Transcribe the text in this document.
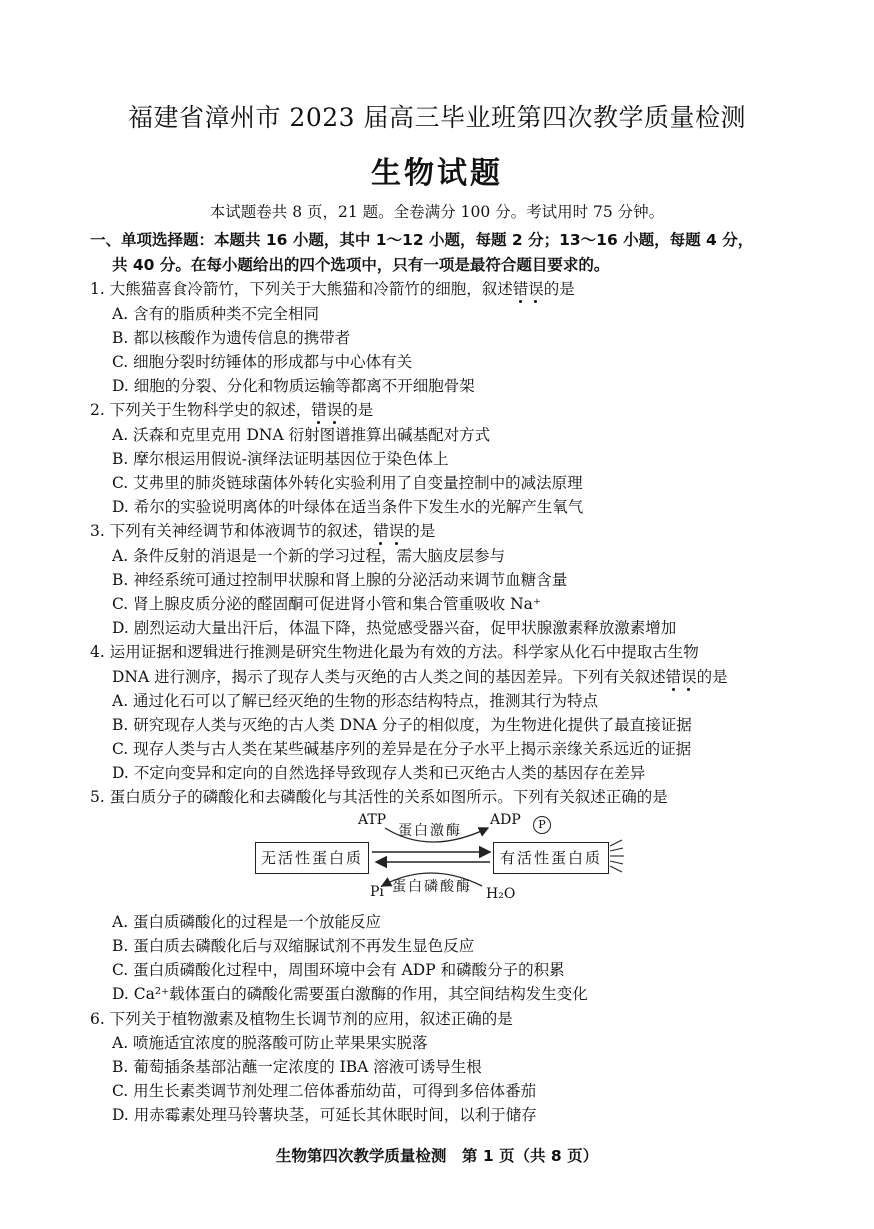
福建省漳州市 2023 届高三毕业班第四次教学质量检测
生物试题
本试题卷共 8 页，21 题。全卷满分 100 分。考试用时 75 分钟。
一、单项选择题：本题共 16 小题，其中 1～12 小题，每题 2 分；13～16 小题，每题 4 分，
共 40 分。在每小题给出的四个选项中，只有一项是最符合题目要求的。
1. 大熊猫喜食冷箭竹，下列关于大熊猫和冷箭竹的细胞，叙述错误的是
A. 含有的脂质种类不完全相同
B. 都以核酸作为遗传信息的携带者
C. 细胞分裂时纺锤体的形成都与中心体有关
D. 细胞的分裂、分化和物质运输等都离不开细胞骨架
2. 下列关于生物科学史的叙述，错误的是
A. 沃森和克里克用 DNA 衍射图谱推算出碱基配对方式
B. 摩尔根运用假说-演绎法证明基因位于染色体上
C. 艾弗里的肺炎链球菌体外转化实验利用了自变量控制中的减法原理
D. 希尔的实验说明离体的叶绿体在适当条件下发生水的光解产生氧气
3. 下列有关神经调节和体液调节的叙述，错误的是
A. 条件反射的消退是一个新的学习过程，需大脑皮层参与
B. 神经系统可通过控制甲状腺和肾上腺的分泌活动来调节血糖含量
C. 肾上腺皮质分泌的醛固酮可促进肾小管和集合管重吸收 Na⁺
D. 剧烈运动大量出汗后，体温下降，热觉感受器兴奋，促甲状腺激素释放激素增加
4. 运用证据和逻辑进行推测是研究生物进化最为有效的方法。科学家从化石中提取古生物
DNA 进行测序，揭示了现存人类与灭绝的古人类之间的基因差异。下列有关叙述错误的是
A. 通过化石可以了解已经灭绝的生物的形态结构特点，推测其行为特点
B. 研究现存人类与灭绝的古人类 DNA 分子的相似度，为生物进化提供了最直接证据
C. 现存人类与古人类在某些碱基序列的差异是在分子水平上揭示亲缘关系远近的证据
D. 不定向变异和定向的自然选择导致现存人类和已灭绝古人类的基因存在差异
5. 蛋白质分子的磷酸化和去磷酸化与其活性的关系如图所示。下列有关叙述正确的是
无活性蛋白质	有活性蛋白质
ATP
蛋白激酶
ADP	P
Pi 蛋白磷酸酶 H₂O
A. 蛋白质磷酸化的过程是一个放能反应
B. 蛋白质去磷酸化后与双缩脲试剂不再发生显色反应
C. 蛋白质磷酸化过程中，周围环境中会有 ADP 和磷酸分子的积累
D. Ca²⁺载体蛋白的磷酸化需要蛋白激酶的作用，其空间结构发生变化
6. 下列关于植物激素及植物生长调节剂的应用，叙述正确的是
A. 喷施适宜浓度的脱落酸可防止苹果果实脱落
B. 葡萄插条基部沾蘸一定浓度的 IBA 溶液可诱导生根
C. 用生长素类调节剂处理二倍体番茄幼苗，可得到多倍体番茄
D. 用赤霉素处理马铃薯块茎，可延长其休眠时间，以利于储存
生物第四次教学质量检测　第 1 页（共 8 页）
